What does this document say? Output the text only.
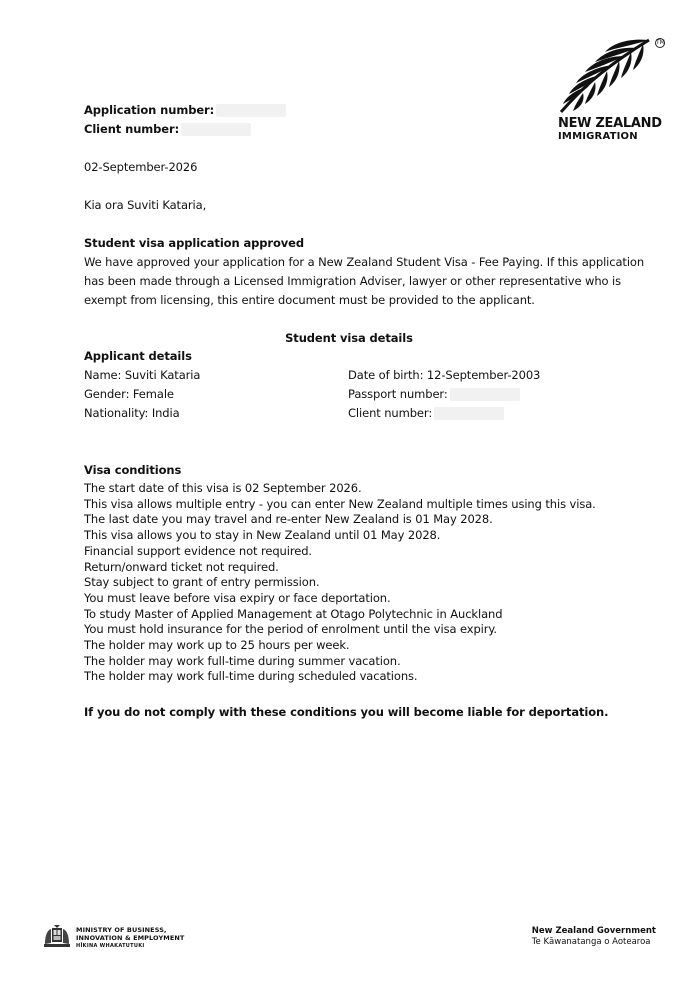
TM
NEW ZEALAND
IMMIGRATION
Application number:
Client number:
02-September-2026
Kia ora Suviti Kataria,
Student visa application approved
We have approved your application for a New Zealand Student Visa - Fee Paying. If this application
has been made through a Licensed Immigration Adviser, lawyer or other representative who is
exempt from licensing, this entire document must be provided to the applicant.
Student visa details
Applicant details
Name: Suviti Kataria
Gender: Female
Nationality: India
Date of birth: 12-September-2003
Passport number:
Client number:
Visa conditions
The start date of this visa is 02 September 2026.
This visa allows multiple entry - you can enter New Zealand multiple times using this visa.
The last date you may travel and re-enter New Zealand is 01 May 2028.
This visa allows you to stay in New Zealand until 01 May 2028.
Financial support evidence not required.
Return/onward ticket not required.
Stay subject to grant of entry permission.
You must leave before visa expiry or face deportation.
To study Master of Applied Management at Otago Polytechnic in Auckland
You must hold insurance for the period of enrolment until the visa expiry.
The holder may work up to 25 hours per week.
The holder may work full-time during summer vacation.
The holder may work full-time during scheduled vacations.
If you do not comply with these conditions you will become liable for deportation.
MINISTRY OF BUSINESS,
INNOVATION & EMPLOYMENT
HĪKINA WHAKATUTUKI
New Zealand Government
Te Kāwanatanga o Aotearoa
